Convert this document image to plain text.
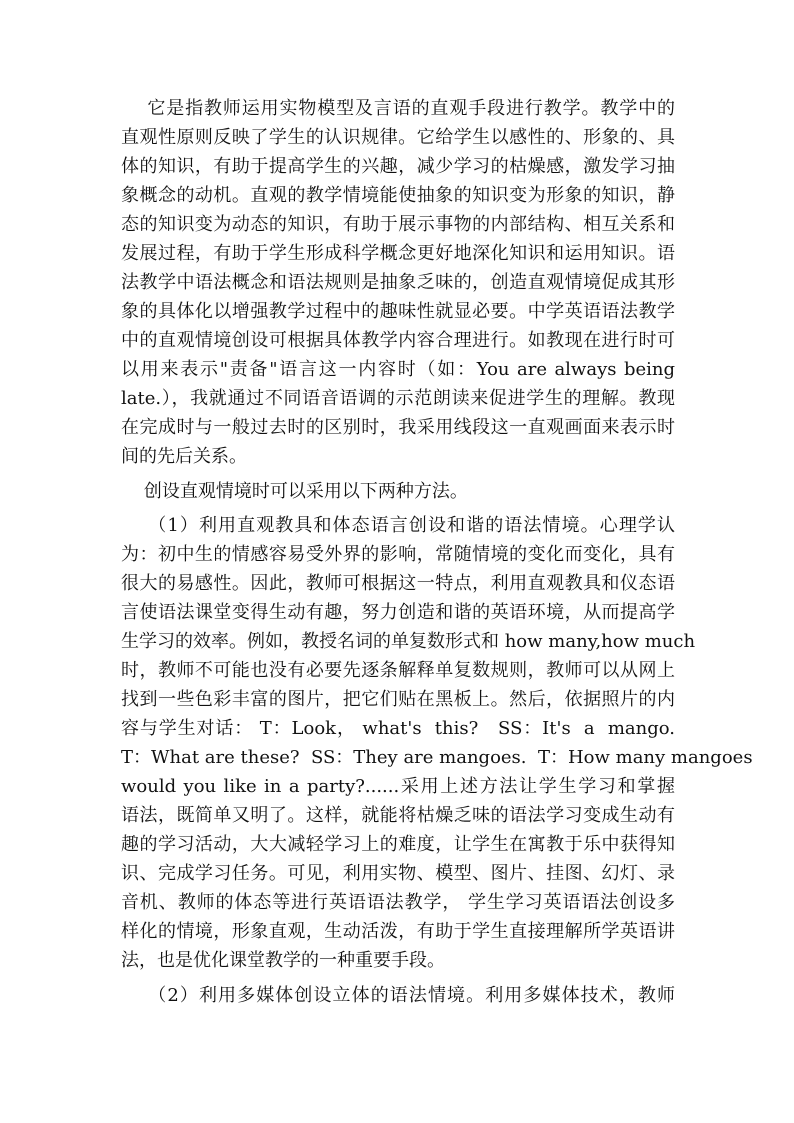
它是指教师运用实物模型及言语的直观手段进行教学。教学中的
直观性原则反映了学生的认识规律。它给学生以感性的、形象的、具
体的知识，有助于提高学生的兴趣，减少学习的枯燥感，激发学习抽
象概念的动机。直观的教学情境能使抽象的知识变为形象的知识，静
态的知识变为动态的知识，有助于展示事物的内部结构、相互关系和
发展过程，有助于学生形成科学概念更好地深化知识和运用知识。语
法教学中语法概念和语法规则是抽象乏味的，创造直观情境促成其形
象的具体化以增强教学过程中的趣味性就显必要。中学英语语法教学
中的直观情境创设可根据具体教学内容合理进行。如教现在进行时可
以用来表示"责备"语言这一内容时（如：You are always being
late.），我就通过不同语音语调的示范朗读来促进学生的理解。教现
在完成时与一般过去时的区别时，我采用线段这一直观画面来表示时
间的先后关系。
创设直观情境时可以采用以下两种方法。
（1）利用直观教具和体态语言创设和谐的语法情境。心理学认
为：初中生的情感容易受外界的影响，常随情境的变化而变化，具有
很大的易感性。因此，教师可根据这一特点，利用直观教具和仪态语
言使语法课堂变得生动有趣，努力创造和谐的英语环境，从而提高学
生学习的效率。例如，教授名词的单复数形式和 how many,how much
时，教师不可能也没有必要先逐条解释单复数规则，教师可以从网上
找到一些色彩丰富的图片，把它们贴在黑板上。然后，依据照片的内
容与学生对话： T：Look， what's  this?   SS：It's  a  mango.
T：What are these?  SS：They are mangoes.  T：How many mangoes
would you like in a party?......采用上述方法让学生学习和掌握
语法，既简单又明了。这样，就能将枯燥乏味的语法学习变成生动有
趣的学习活动，大大减轻学习上的难度，让学生在寓教于乐中获得知
识、完成学习任务。可见，利用实物、模型、图片、挂图、幻灯、录
音机、教师的体态等进行英语语法教学， 学生学习英语语法创设多
样化的情境，形象直观，生动活泼，有助于学生直接理解所学英语讲
法，也是优化课堂教学的一种重要手段。
（2）利用多媒体创设立体的语法情境。利用多媒体技术，教师
